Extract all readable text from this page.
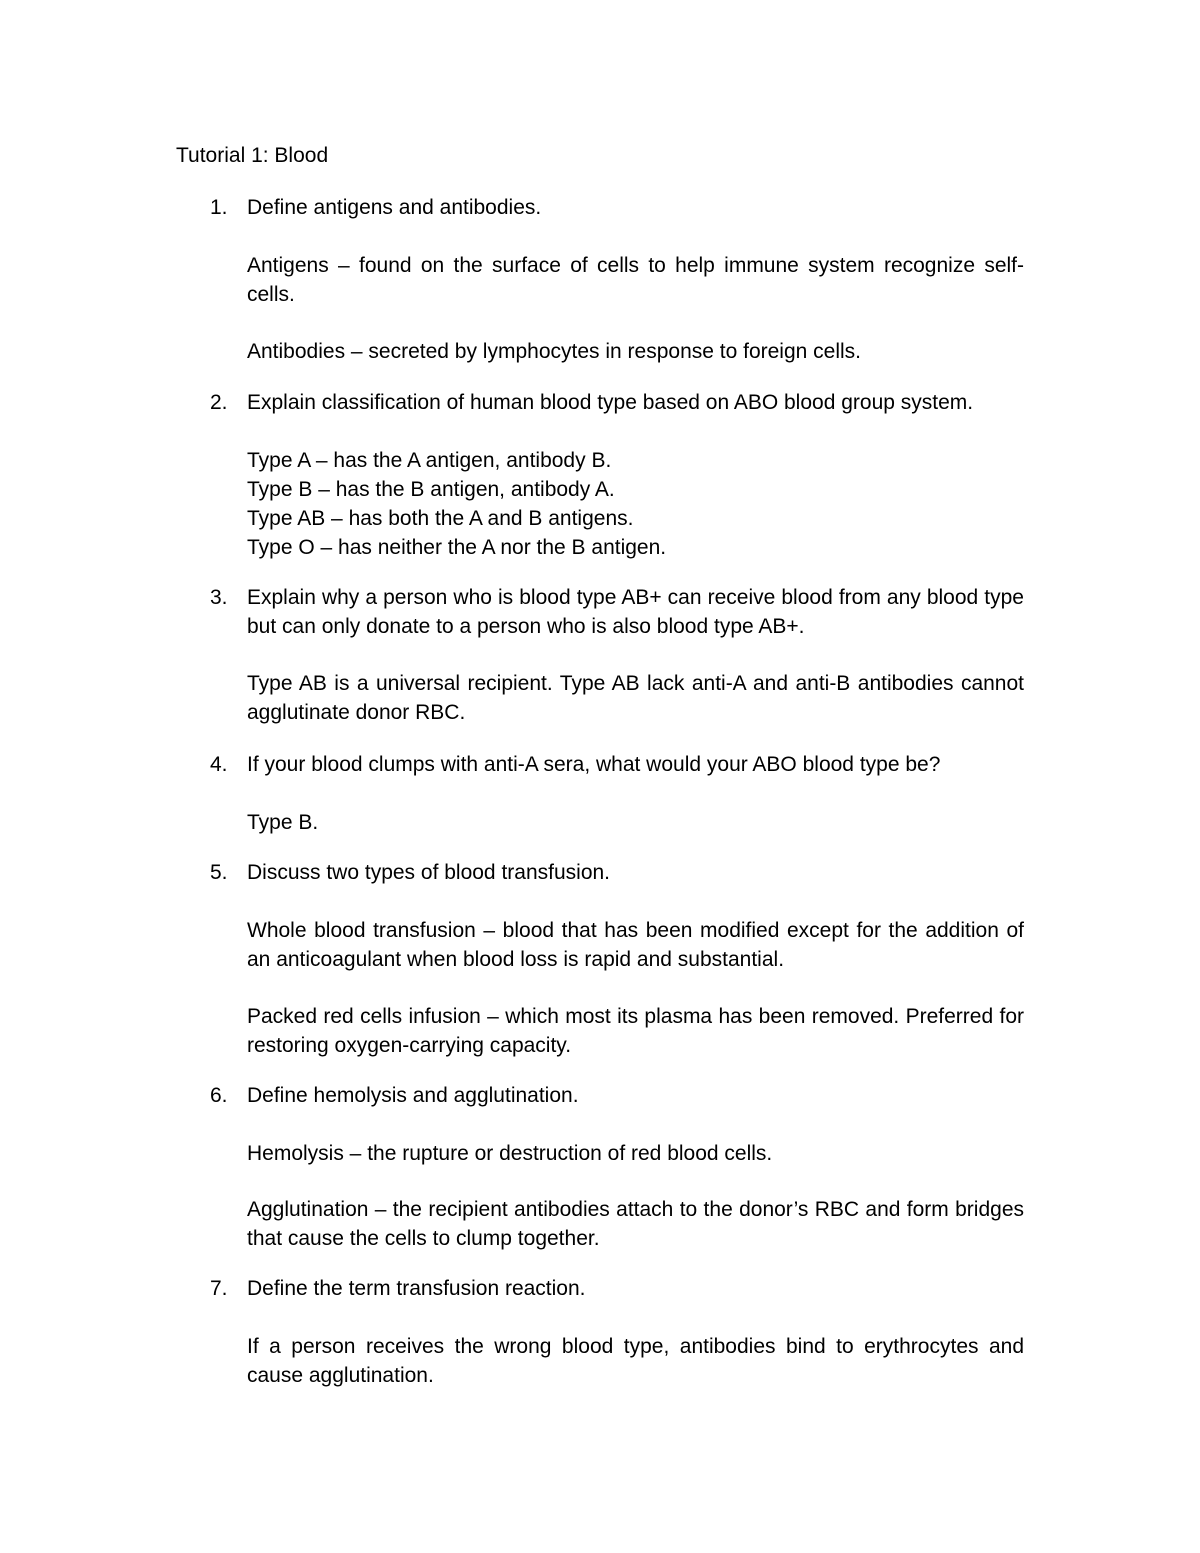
Tutorial 1: Blood
1. Define antigens and antibodies.
Antigens – found on the surface of cells to help immune system recognize self-cells.
Antibodies – secreted by lymphocytes in response to foreign cells.
2. Explain classification of human blood type based on ABO blood group system.
Type A – has the A antigen, antibody B.
Type B – has the B antigen, antibody A.
Type AB – has both the A and B antigens.
Type O – has neither the A nor the B antigen.
3. Explain why a person who is blood type AB+ can receive blood from any blood type but can only donate to a person who is also blood type AB+.
Type AB is a universal recipient. Type AB lack anti-A and anti-B antibodies cannot agglutinate donor RBC.
4. If your blood clumps with anti-A sera, what would your ABO blood type be?
Type B.
5. Discuss two types of blood transfusion.
Whole blood transfusion – blood that has been modified except for the addition of an anticoagulant when blood loss is rapid and substantial.
Packed red cells infusion – which most its plasma has been removed. Preferred for restoring oxygen-carrying capacity.
6. Define hemolysis and agglutination.
Hemolysis – the rupture or destruction of red blood cells.
Agglutination – the recipient antibodies attach to the donor’s RBC and form bridges that cause the cells to clump together.
7. Define the term transfusion reaction.
If a person receives the wrong blood type, antibodies bind to erythrocytes and cause agglutination.
